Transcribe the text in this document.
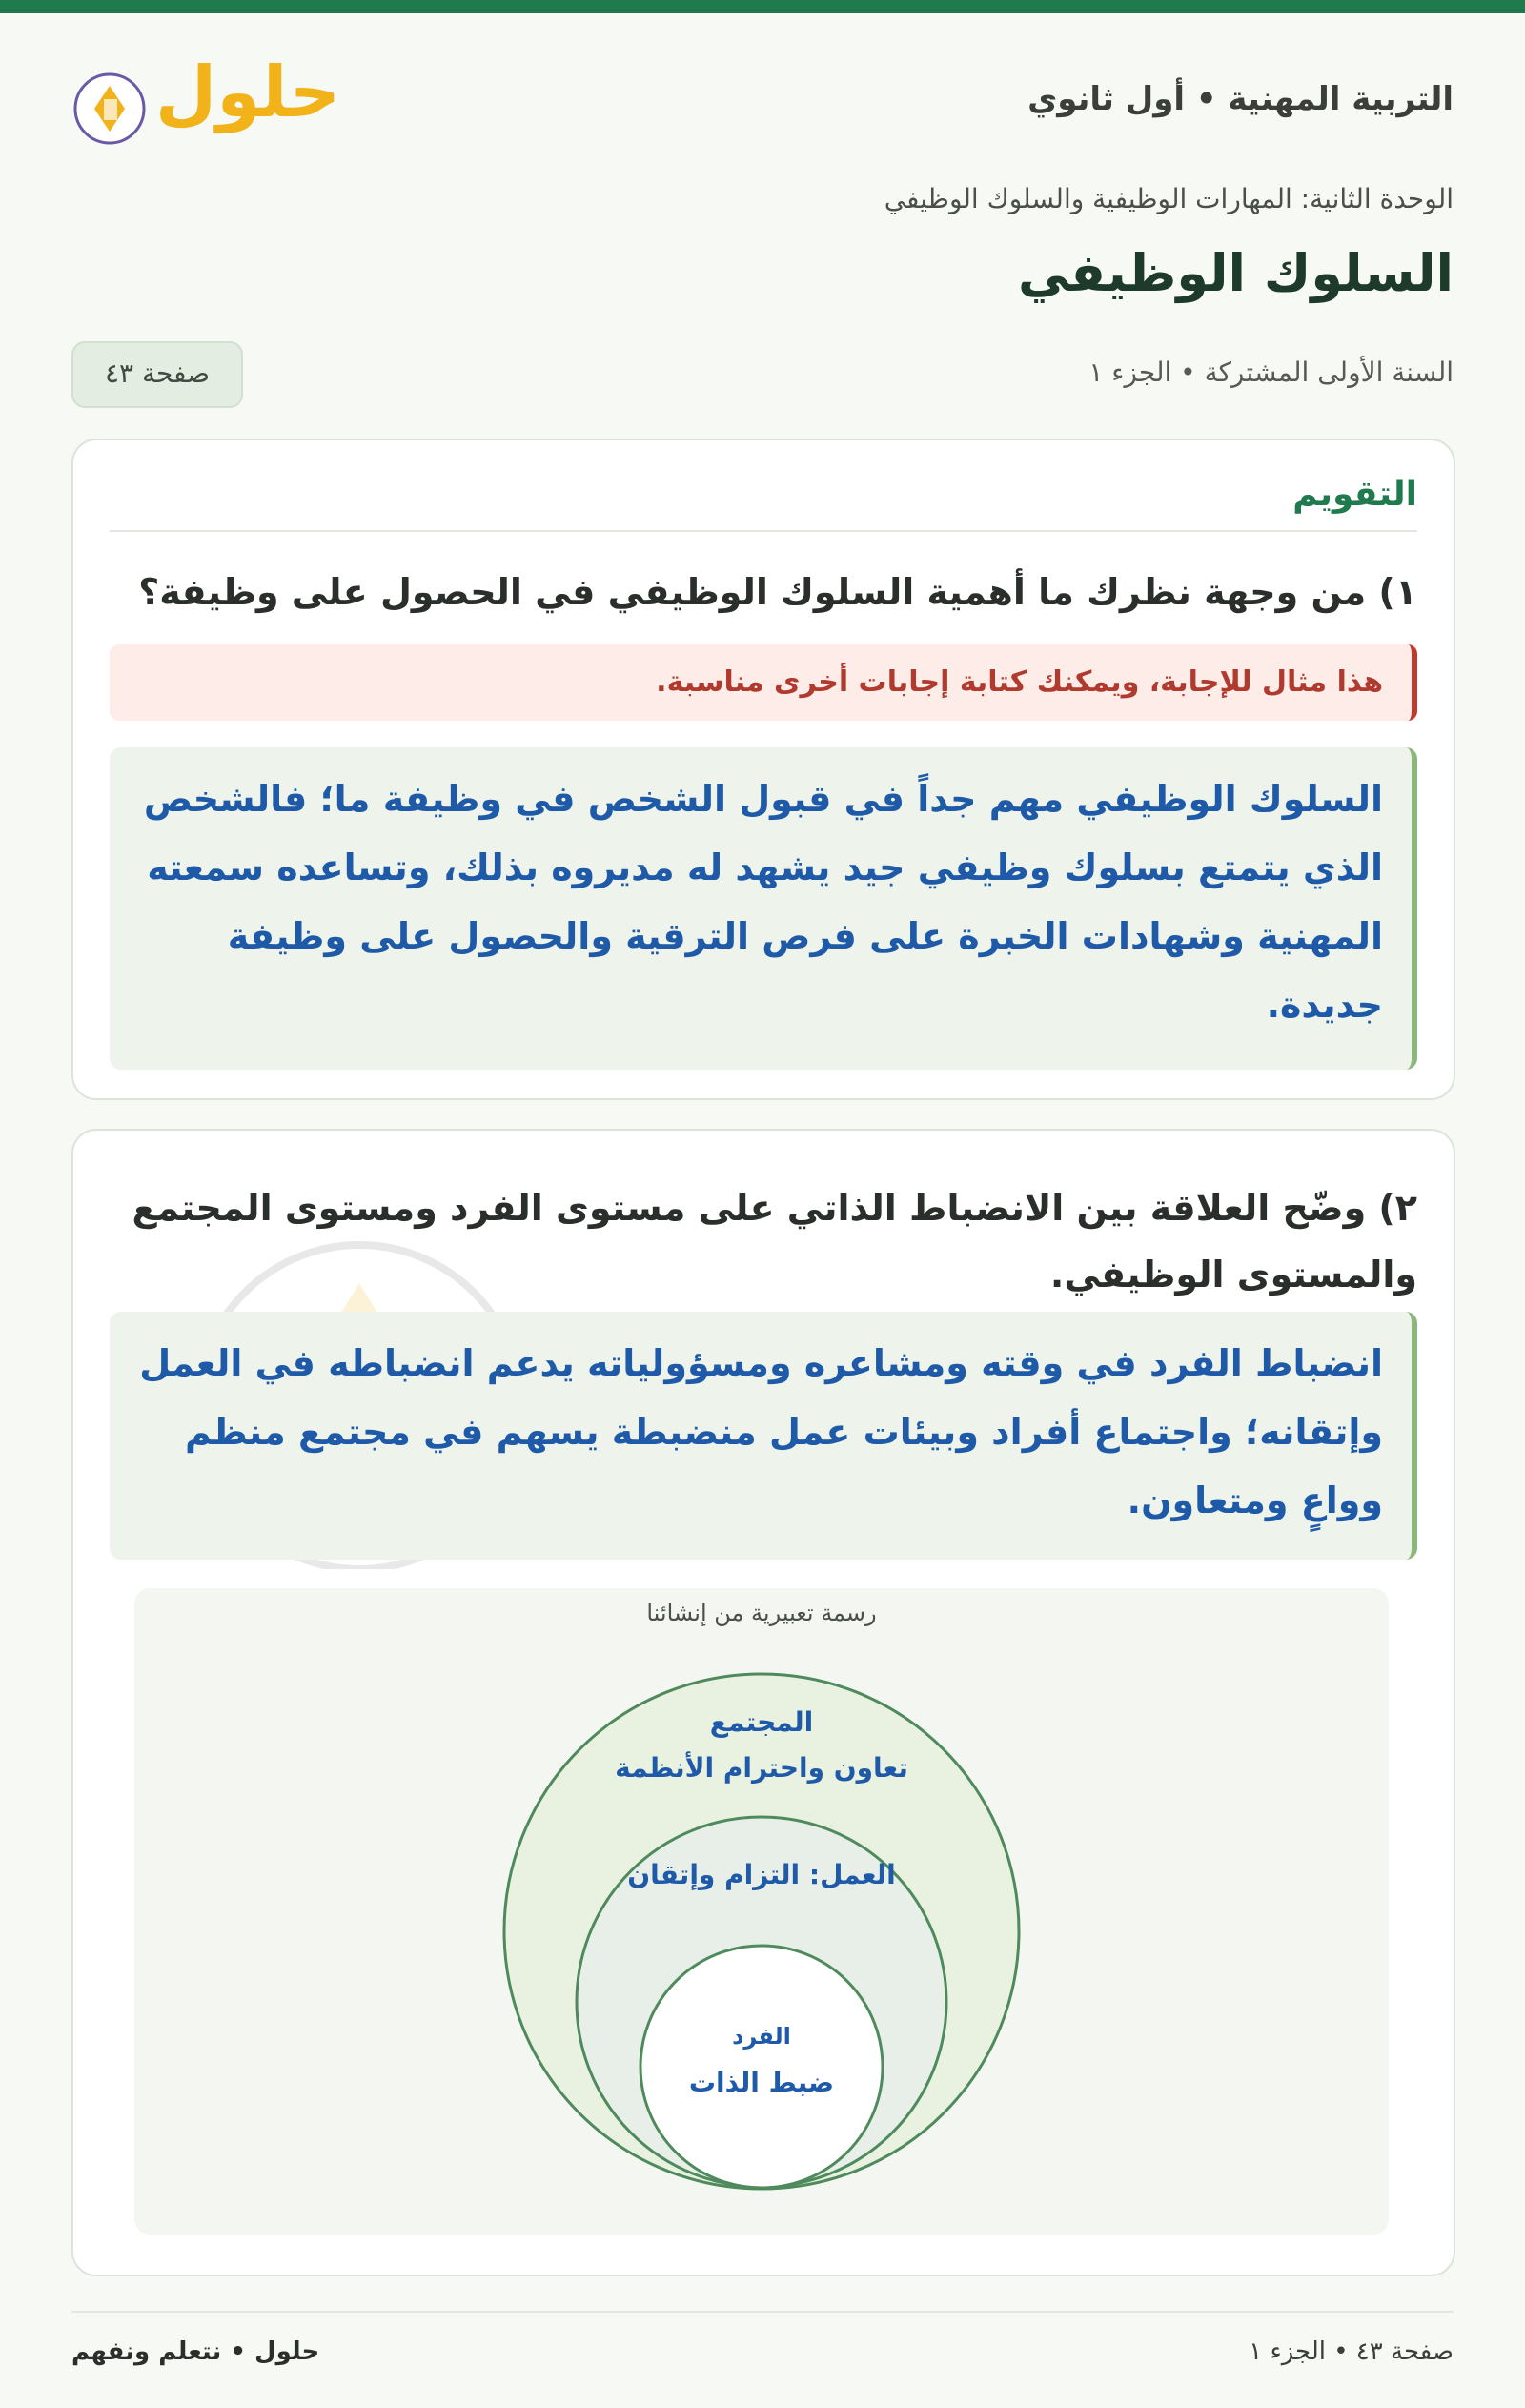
التربية المهنية • أول ثانوي
حلول
الوحدة الثانية: المهارات الوظيفية والسلوك الوظيفي
السلوك الوظيفي
السنة الأولى المشتركة • الجزء ١
صفحة ٤٣
التقويم
١) من وجهة نظرك ما أهمية السلوك الوظيفي في الحصول على وظيفة؟
هذا مثال للإجابة، ويمكنك كتابة إجابات أخرى مناسبة.
السلوك الوظيفي مهم جداً في قبول الشخص في وظيفة ما؛ فالشخص الذي يتمتع بسلوك وظيفي جيد يشهد له مديروه بذلك، وتساعده سمعته المهنية وشهادات الخبرة على فرص الترقية والحصول على وظيفة جديدة.
٢) وضّح العلاقة بين الانضباط الذاتي على مستوى الفرد ومستوى المجتمع والمستوى الوظيفي.
انضباط الفرد في وقته ومشاعره ومسؤولياته يدعم انضباطه في العمل وإتقانه؛ واجتماع أفراد وبيئات عمل منضبطة يسهم في مجتمع منظم وواعٍ ومتعاون.
رسمة تعبيرية من إنشائنا
المجتمع
تعاون واحترام الأنظمة
العمل: التزام وإتقان
الفرد
ضبط الذات
صفحة ٤٣ • الجزء ١
حلول • نتعلم ونفهم
